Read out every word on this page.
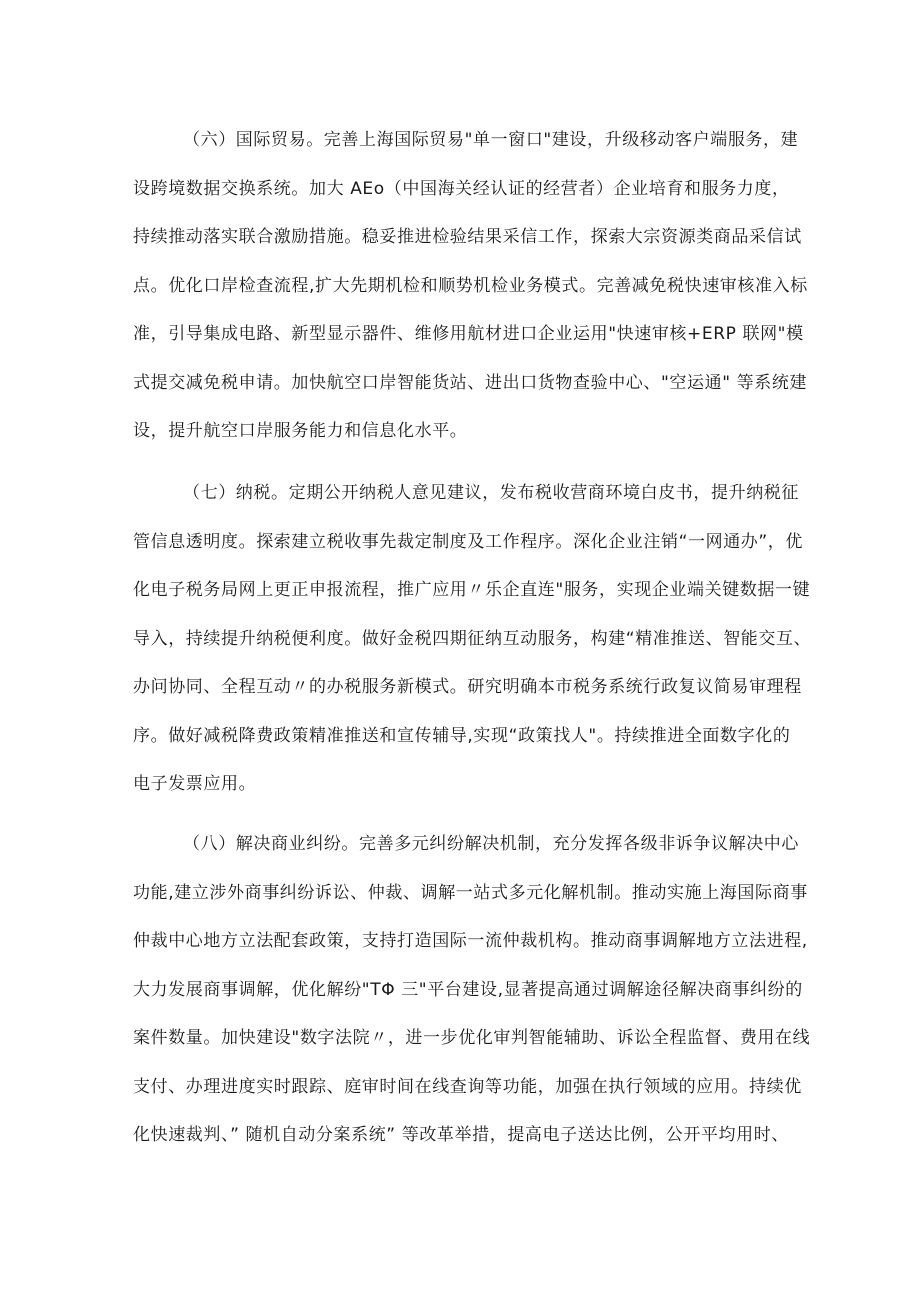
（六）国际贸易。完善上海国际贸易"单一窗口"建设，升级移动客户端服务，建
设跨境数据交换系统。加大 AEo（中国海关经认证的经营者）企业培育和服务力度，
持续推动落实联合激励措施。稳妥推进检验结果采信工作，探索大宗资源类商品采信试
点。优化口岸检查流程,扩大先期机检和顺势机检业务模式。完善减免税快速审核准入标
准，引导集成电路、新型显示器件、维修用航材进口企业运用"快速审核+ERP 联网"模
式提交减免税申请。加快航空口岸智能货站、进出口货物查验中心、"空运通" 等系统建
设，提升航空口岸服务能力和信息化水平。
（七）纳税。定期公开纳税人意见建议，发布税收营商环境白皮书，提升纳税征
管信息透明度。探索建立税收事先裁定制度及工作程序。深化企业注销“一网通办”，优
化电子税务局网上更正申报流程，推广应用〃乐企直连"服务，实现企业端关键数据一键
导入，持续提升纳税便利度。做好金税四期征纳互动服务，构建“精准推送、智能交互、
办问协同、全程互动〃的办税服务新模式。研究明确本市税务系统行政复议简易审理程
序。做好减税降费政策精准推送和宣传辅导,实现“政策找人"。持续推进全面数字化的
电子发票应用。
（八）解决商业纠纷。完善多元纠纷解决机制，充分发挥各级非诉争议解决中心
功能,建立涉外商事纠纷诉讼、仲裁、调解一站式多元化解机制。推动实施上海国际商事
仲裁中心地方立法配套政策，支持打造国际一流仲裁机构。推动商事调解地方立法进程,
大力发展商事调解，优化解纷"TΦ 三"平台建设,显著提高通过调解途径解决商事纠纷的
案件数量。加快建设"数字法院〃，进一步优化审判智能辅助、诉讼全程监督、费用在线
支付、办理进度实时跟踪、庭审时间在线查询等功能，加强在执行领域的应用。持续优
化快速裁判、” 随机自动分案系统” 等改革举措，提高电子送达比例，公开平均用时、
